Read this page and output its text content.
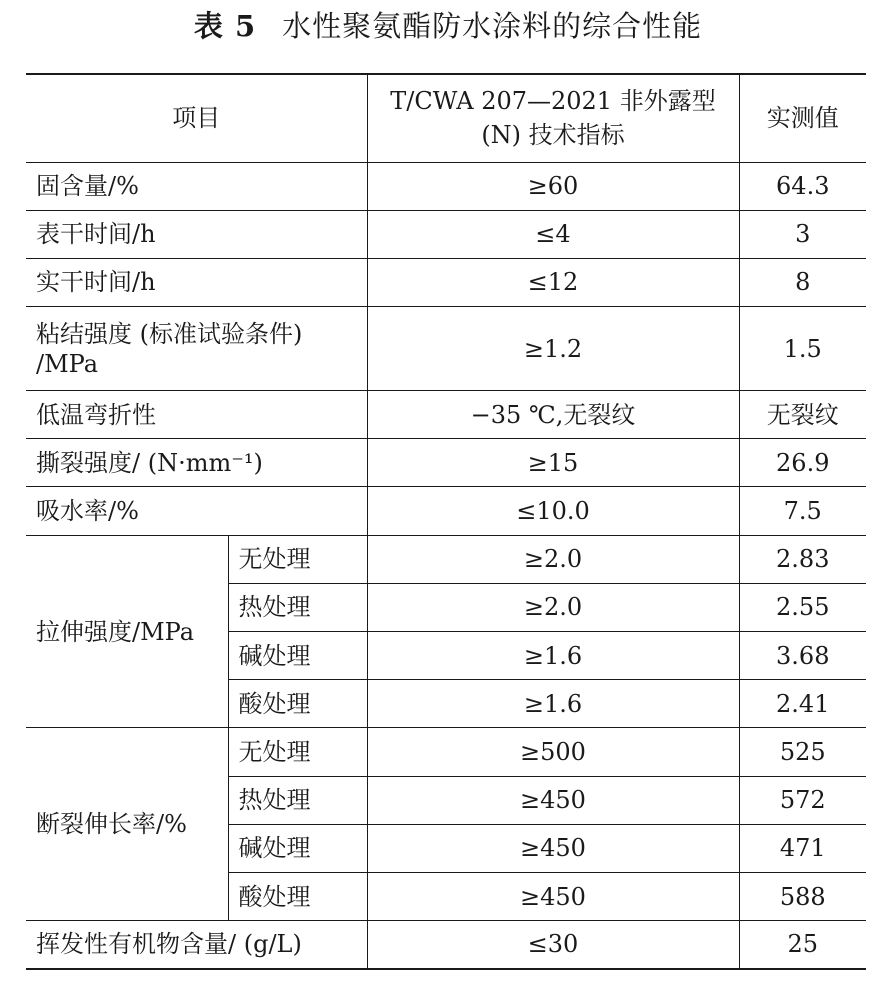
表 5 水性聚氨酯防水涂料的综合性能
项目		T/CWA 207—2021 非外露型
(N) 技术指标	实测值
固含量/%		≥60	64.3
表干时间/h		≤4	3
实干时间/h		≤12	8

粘结强度 (标准试验条件)
/MPa		≥1.2	1.5
低温弯折性		−35 ℃,无裂纹	无裂纹
撕裂强度/ (N·mm⁻¹)		≥15	26.9
吸水率/%		≤10.0	7.5
拉伸强度/MPa	无处理	≥2.0	2.83
	热处理	≥2.0	2.55
	碱处理	≥1.6	3.68
	酸处理	≥1.6	2.41
断裂伸长率/%	无处理	≥500	525
	热处理	≥450	572
	碱处理	≥450	471
	酸处理	≥450	588
挥发性有机物含量/ (g/L)		≤30	25
